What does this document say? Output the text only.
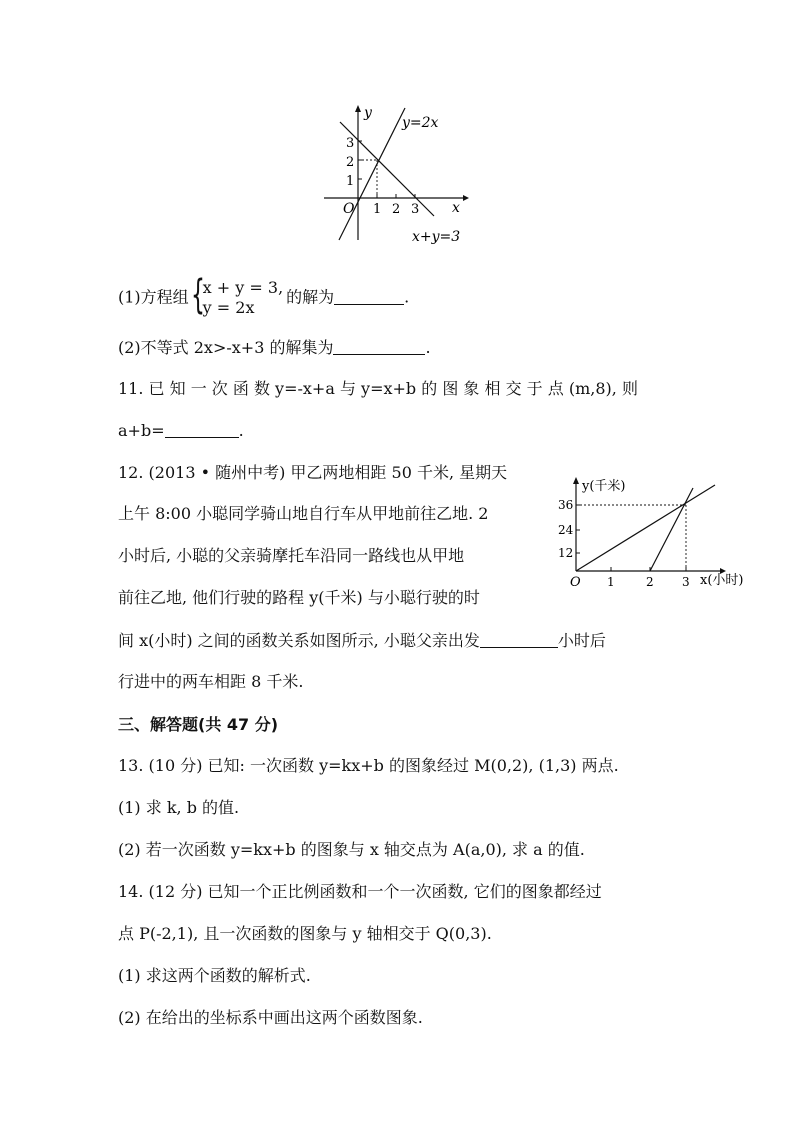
y
x
O 1 2 3
1
2
3
y=2x
x+y=3
(1)方程组 {
x + y = 3,
y = 2x
的解为	.
(2)不等式 2x>-x+3 的解集为	.
11. 已 知 一 次 函 数 y=-x+a 与 y=x+b 的 图 象 相 交 于 点 (m,8), 则
a+b=	.
12. (2013 • 随州中考) 甲乙两地相距 50 千米, 星期天
上午 8:00 小聪同学骑山地自行车从甲地前往乙地. 2
小时后, 小聪的父亲骑摩托车沿同一路线也从甲地
前往乙地, 他们行驶的路程 y(千米) 与小聪行驶的时
间 x(小时) 之间的函数关系如图所示, 小聪父亲出发	小时后
行进中的两车相距 8 千米.
y(千米)
36
24
12
O 1	2 3 x(小时)
三、解答题(共 47 分)
13. (10 分) 已知: 一次函数 y=kx+b 的图象经过 M(0,2), (1,3) 两点.
(1) 求 k, b 的值.
(2) 若一次函数 y=kx+b 的图象与 x 轴交点为 A(a,0), 求 a 的值.
14. (12 分) 已知一个正比例函数和一个一次函数, 它们的图象都经过
点 P(-2,1), 且一次函数的图象与 y 轴相交于 Q(0,3).
(1) 求这两个函数的解析式.
(2) 在给出的坐标系中画出这两个函数图象.
